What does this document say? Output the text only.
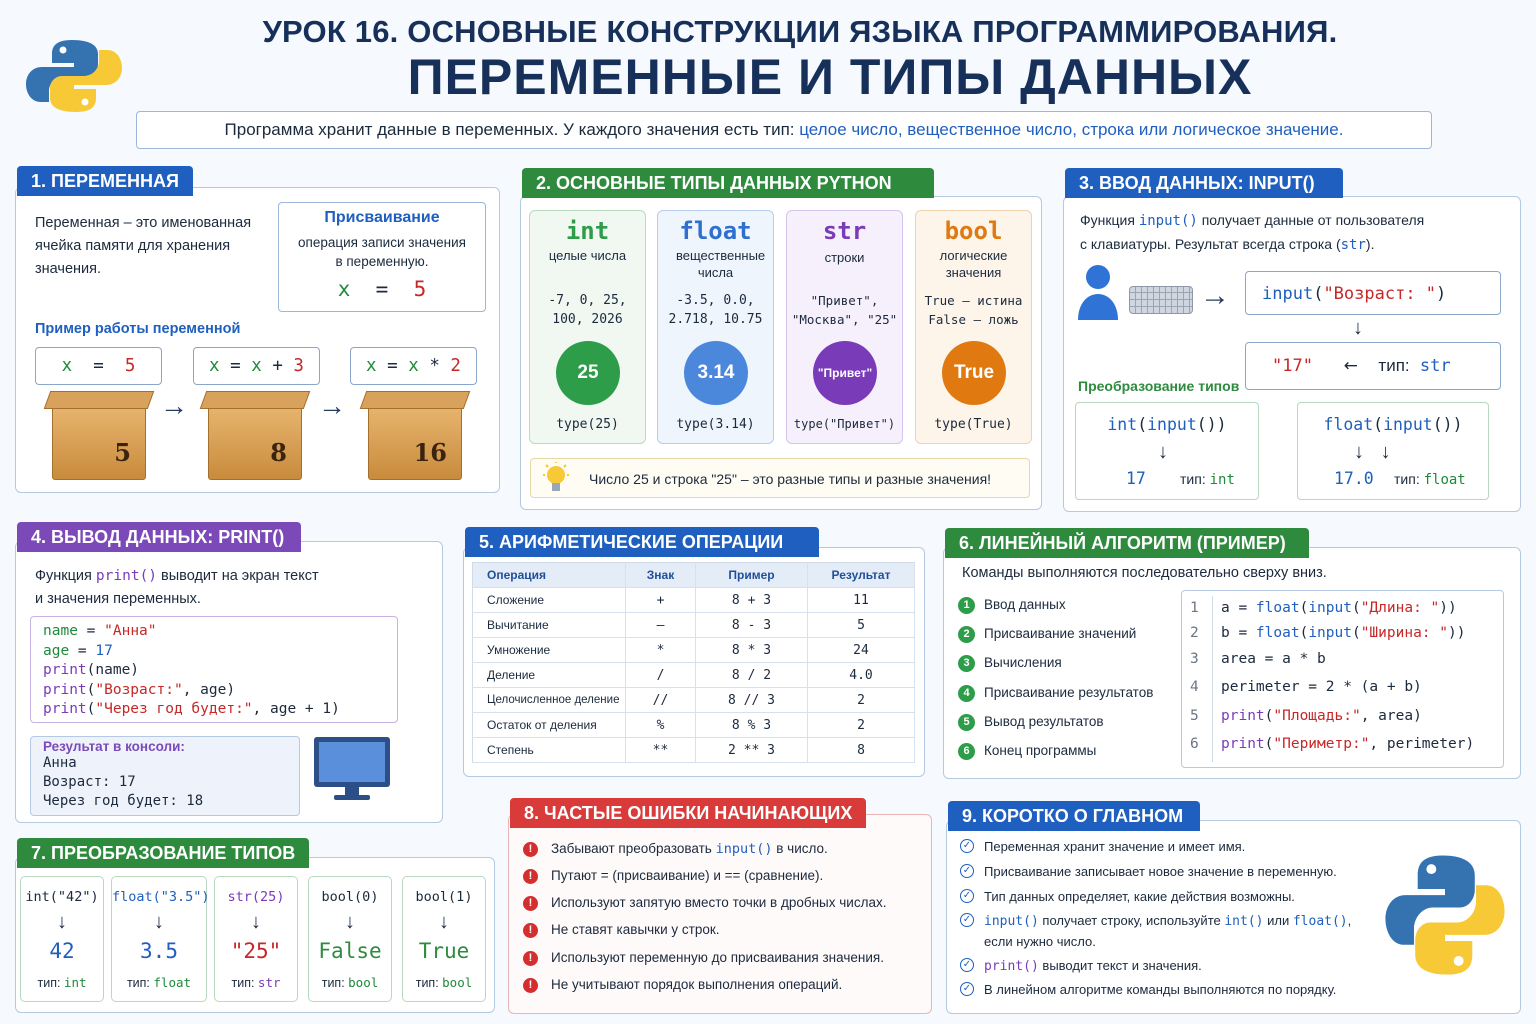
УРОК 16. ОСНОВНЫЕ КОНСТРУКЦИИ ЯЗЫКА ПРОГРАММИРОВАНИЯ.
ПЕРЕМЕННЫЕ И ТИПЫ ДАННЫХ
Программа хранит данные в переменных. У каждого значения есть тип: целое число, вещественное число, строка или логическое значение.
1. ПЕРЕМЕННАЯ
Переменная – это именованная ячейка памяти для хранения значения.
Присваивание
операция записи значения в переменную.
x = 5
Пример работы переменной
x = 5	x = x + 3	x = x * 2
5
→
8
→
16
2. ОСНОВНЫЕ ТИПЫ ДАННЫХ PYTHON
int
целые числа
-7, 0, 25,
100, 2026
25
type(25)
float
вещественные числа
-3.5, 0.0,
2.718, 10.75
3.14
type(3.14)
str
строки
"Привет",
"Москва", "25"
"Привет"
type("Привет")
bool
логические значения
True – истина
False – ложь
True
type(True)
Число 25 и строка "25" – это разные типы и разные значения!
3. ВВОД ДАННЫХ: INPUT()
Функция input() получает данные от пользователя
с клавиатуры. Результат всегда строка (str).
→	input("Возраст: ")
↓
"17" ← тип: str
Преобразование типов
int(input())
↓
17 тип: int
float(input())
↓   ↓
17.0 тип: float
4. ВЫВОД ДАННЫХ: PRINT()
Функция print() выводит на экран текст
и значения переменных.
name = "Анна"
age = 17
print(name)
print("Возраст:", age)
print("Через год будет:", age + 1)
Результат в консоли:
Анна
Возраст: 17
Через год будет: 18
5. АРИФМЕТИЧЕСКИЕ ОПЕРАЦИИ
Операция	Знак	Пример	Результат
Сложение	+	8 + 3	11
Вычитание	–	8 - 3	5
Умножение	*	8 * 3	24
Деление	/	8 / 2	4.0
Целочисленное деление	//	8 // 3	2
Остаток от деления	%	8 % 3	2
Степень	**	2 ** 3	8
6. ЛИНЕЙНЫЙ АЛГОРИТМ (ПРИМЕР)
Команды выполняются последовательно сверху вниз.
1	Ввод данных
2	Присваивание значений
3	Вычисления
4	Присваивание результатов
5	Вывод результатов
6	Конец программы
1 a = float(input("Длина: "))
2 b = float(input("Ширина: "))
3 area = a * b
4 perimeter = 2 * (a + b)
5 print("Площадь:", area)
6 print("Периметр:", perimeter)
7. ПРЕОБРАЗОВАНИЕ ТИПОВ
int("42")
↓
42
тип: int
float("3.5")
↓
3.5
тип: float
str(25)
↓
"25"
тип: str
bool(0)
↓
False
тип: bool
bool(1)
↓
True
тип: bool
8. ЧАСТЫЕ ОШИБКИ НАЧИНАЮЩИХ
!	Забывают преобразовать input() в число.
!	Путают = (присваивание) и == (сравнение).
!	Используют запятую вместо точки в дробных числах.
!	Не ставят кавычки у строк.
!	Используют переменную до присваивания значения.
!	Не учитывают порядок выполнения операций.
9. КОРОТКО О ГЛАВНОМ
✓ Переменная хранит значение и имеет имя.
✓ Присваивание записывает новое значение в переменную.
✓ Тип данных определяет, какие действия возможны.
✓ input() получает строку, используйте int() или float(),
если нужно число.
✓ print() выводит текст и значения.
✓ В линейном алгоритме команды выполняются по порядку.
